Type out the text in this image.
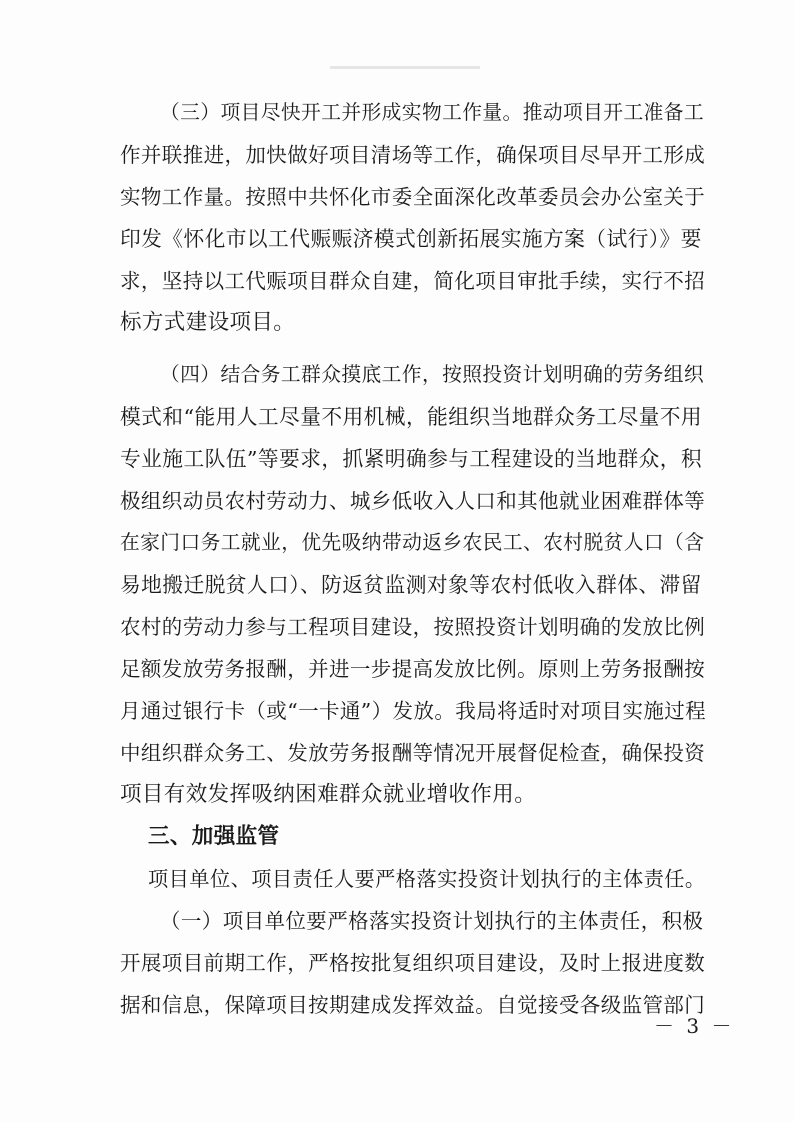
（三）项目尽快开工并形成实物工作量。推动项目开工准备工
作并联推进，加快做好项目清场等工作，确保项目尽早开工形成
实物工作量。按照中共怀化市委全面深化改革委员会办公室关于
印发《怀化市以工代赈赈济模式创新拓展实施方案（试行）》要
求，坚持以工代赈项目群众自建，简化项目审批手续，实行不招
标方式建设项目。
（四）结合务工群众摸底工作，按照投资计划明确的劳务组织
模式和“能用人工尽量不用机械，能组织当地群众务工尽量不用
专业施工队伍”等要求，抓紧明确参与工程建设的当地群众，积
极组织动员农村劳动力、城乡低收入人口和其他就业困难群体等
在家门口务工就业，优先吸纳带动返乡农民工、农村脱贫人口（含
易地搬迁脱贫人口）、防返贫监测对象等农村低收入群体、滞留
农村的劳动力参与工程项目建设，按照投资计划明确的发放比例
足额发放劳务报酬，并进一步提高发放比例。原则上劳务报酬按
月通过银行卡（或“一卡通”）发放。我局将适时对项目实施过程
中组织群众务工、发放劳务报酬等情况开展督促检查，确保投资
项目有效发挥吸纳困难群众就业增收作用。
三、加强监管
项目单位、项目责任人要严格落实投资计划执行的主体责任。
（一）项目单位要严格落实投资计划执行的主体责任，积极
开展项目前期工作，严格按批复组织项目建设，及时上报进度数
据和信息，保障项目按期建成发挥效益。自觉接受各级监管部门
－ 3 －
